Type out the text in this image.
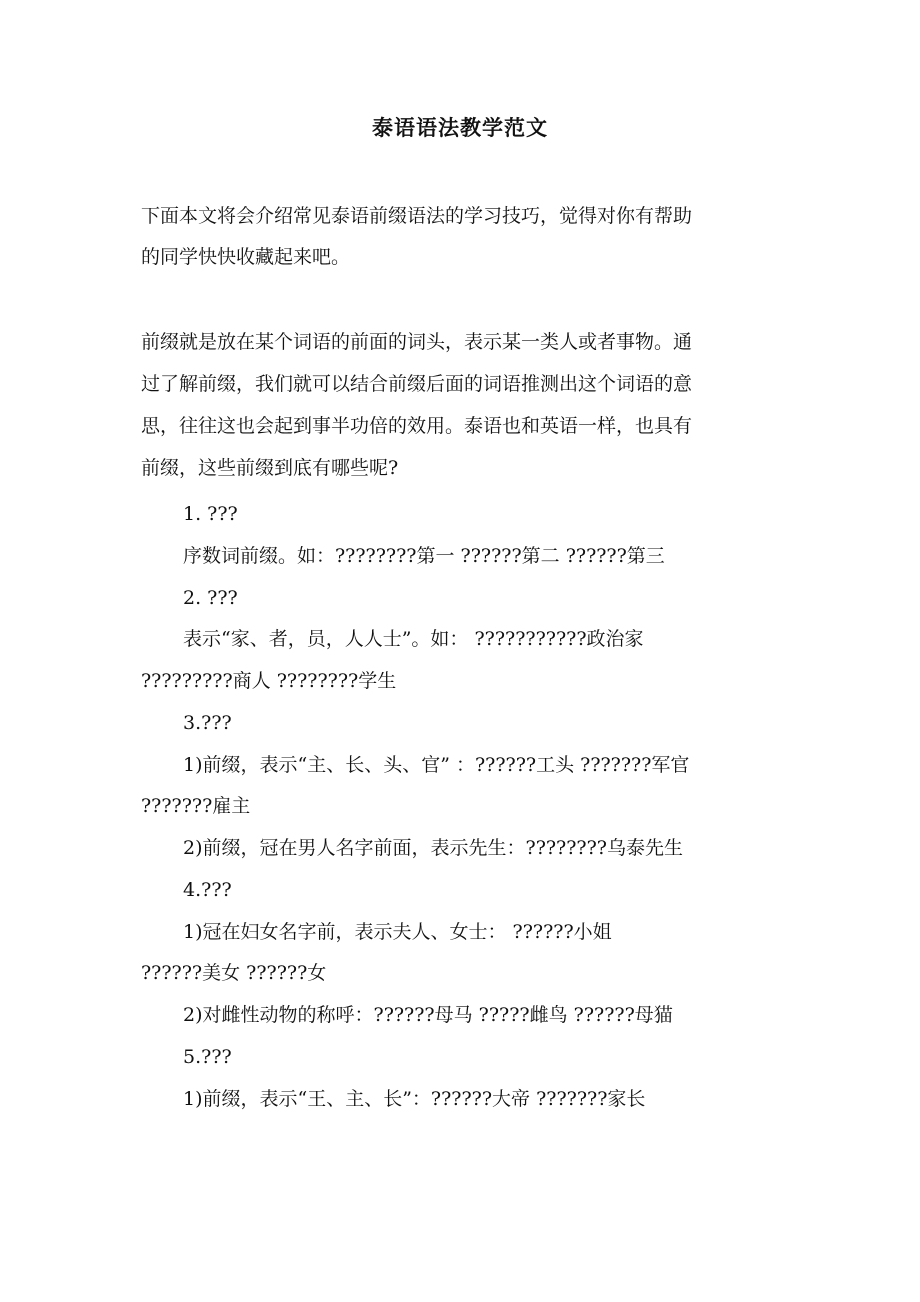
泰语语法教学范文
下面本文将会介绍常见泰语前缀语法的学习技巧，觉得对你有帮助
的同学快快收藏起来吧。
前缀就是放在某个词语的前面的词头，表示某一类人或者事物。通
过了解前缀，我们就可以结合前缀后面的词语推测出这个词语的意
思，往往这也会起到事半功倍的效用。泰语也和英语一样，也具有
前缀，这些前缀到底有哪些呢?
1. ???
序数词前缀。如：????????第一 ??????第二 ??????第三
2. ???
表示“家、者，员，人人士”。如： ???????????政治家
?????????商人 ????????学生
3.???
1)前缀，表示“主、长、头、官” ：??????工头 ???????军官
???????雇主
2)前缀，冠在男人名字前面，表示先生：????????乌泰先生
4.???
1)冠在妇女名字前，表示夫人、女士： ??????小姐
??????美女 ??????女
2)对雌性动物的称呼：??????母马 ?????雌鸟 ??????母猫
5.???
1)前缀，表示“王、主、长”：??????大帝 ???????家长
